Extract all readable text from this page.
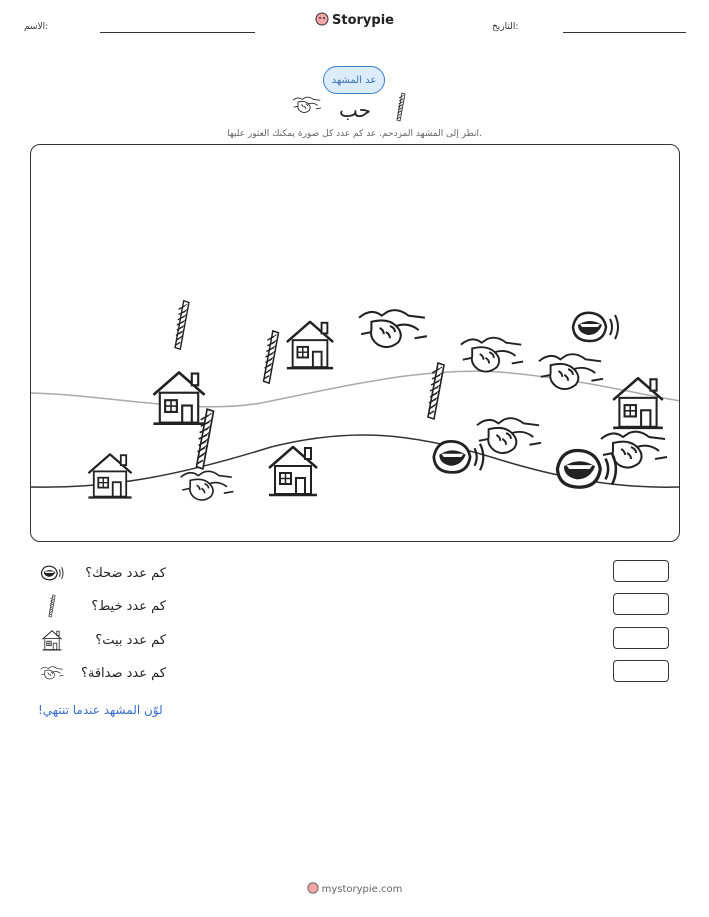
الاسم:	Storypie	التاريخ:
عد المشهد
حب
انظر إلى المشهد المزدحم. عد كم عدد كل صورة يمكنك العثور عليها.
كم عدد ضحك؟
كم عدد خيط؟
كم عدد بيت؟
كم عدد صداقة؟
لوّن المشهد عندما تنتهي!
mystorypie.com
